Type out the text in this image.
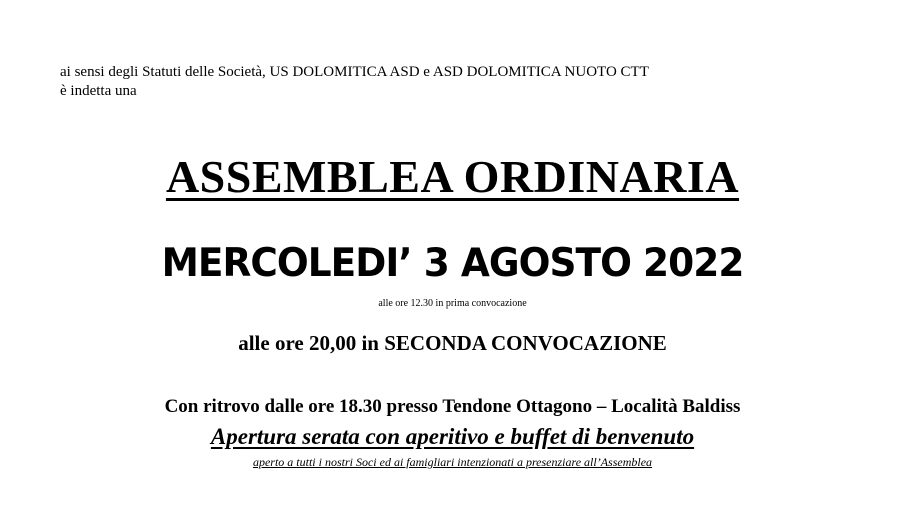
ai sensi degli Statuti delle Società, US DOLOMITICA ASD e ASD DOLOMITICA NUOTO CTT
è indetta una
ASSEMBLEA ORDINARIA
MERCOLEDI’ 3 AGOSTO 2022
alle ore 12.30 in prima convocazione
alle ore 20,00 in SECONDA CONVOCAZIONE
Con ritrovo dalle ore 18.30 presso Tendone Ottagono – Località Baldiss
Apertura serata con aperitivo e buffet di benvenuto
aperto a tutti i nostri Soci ed ai famigliari intenzionati a presenziare all’Assemblea
